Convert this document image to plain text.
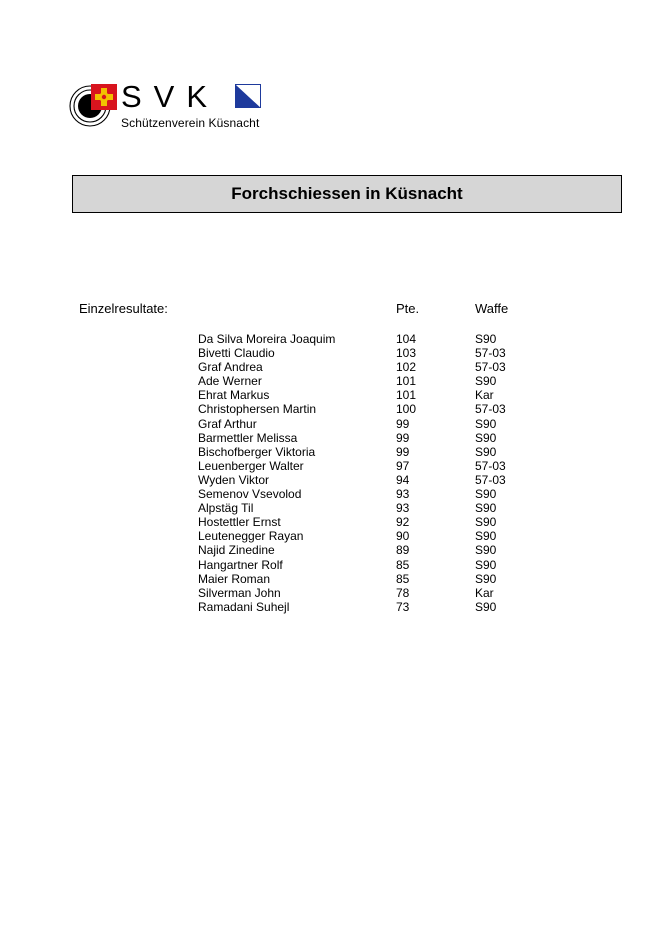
SVK
Schützenverein Küsnacht
Forchschiessen in Küsnacht
Einzelresultate:	Pte.	Waffe
Da Silva Moreira Joaquim	104	S90
Bivetti Claudio	103	57-03
Graf Andrea	102	57-03
Ade Werner	101	S90
Ehrat Markus	101	Kar
Christophersen Martin	100	57-03
Graf Arthur	99	S90
Barmettler Melissa	99	S90
Bischofberger Viktoria	99	S90
Leuenberger Walter	97	57-03
Wyden Viktor	94	57-03
Semenov Vsevolod	93	S90
Alpstäg Til	93	S90
Hostettler Ernst	92	S90
Leutenegger Rayan	90	S90
Najid Zinedine	89	S90
Hangartner Rolf	85	S90
Maier Roman	85	S90
Silverman John	78	Kar
Ramadani Suhejl	73	S90
